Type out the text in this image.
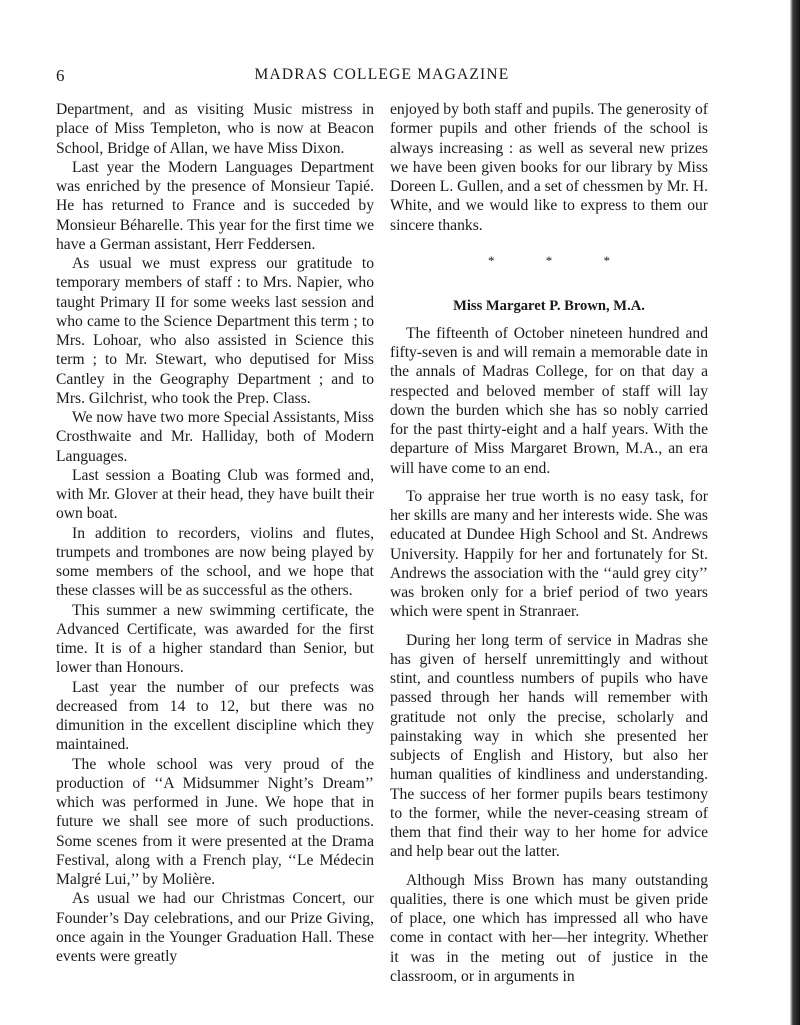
6	MADRAS COLLEGE MAGAZINE

Department, and as visiting Music mistress in place of Miss Templeton, who is now at Beacon School, Bridge of Allan, we have Miss Dixon.

Last year the Modern Languages Department was enriched by the presence of Monsieur Tapié. He has returned to France and is succeded by Monsieur Béharelle. This year for the first time we have a German assistant, Herr Feddersen.

As usual we must express our gratitude to temporary members of staff : to Mrs. Napier, who taught Primary II for some weeks last session and who came to the Science Department this term ; to Mrs. Lohoar, who also assisted in Science this term ; to Mr. Stewart, who deputised for Miss Cantley in the Geography Department ; and to Mrs. Gilchrist, who took the Prep. Class.

We now have two more Special Assistants, Miss Crosthwaite and Mr. Halliday, both of Modern Languages.

Last session a Boating Club was formed and, with Mr. Glover at their head, they have built their own boat.

In addition to recorders, violins and flutes, trumpets and trombones are now being played by some members of the school, and we hope that these classes will be as successful as the others.

This summer a new swimming certificate, the Advanced Certificate, was awarded for the first time. It is of a higher standard than Senior, but lower than Honours.

Last year the number of our prefects was decreased from 14 to 12, but there was no dimunition in the excellent discipline which they maintained.

The whole school was very proud of the production of ‘‘A Midsummer Night’s Dream’’ which was performed in June. We hope that in future we shall see more of such productions. Some scenes from it were presented at the Drama Festival, along with a French play, ‘‘Le Médecin Malgré Lui,’’ by Molière.

As usual we had our Christmas Concert, our Founder’s Day celebrations, and our Prize Giving, once again in the Younger Graduation Hall. These events were greatly

enjoyed by both staff and pupils. The generosity of former pupils and other friends of the school is always increasing : as well as several new prizes we have been given books for our library by Miss Doreen L. Gullen, and a set of chessmen by Mr. H. White, and we would like to express to them our sincere thanks.

* * *
Miss Margaret P. Brown, M.A.

The fifteenth of October nineteen hundred and fifty-seven is and will remain a memorable date in the annals of Madras College, for on that day a respected and beloved member of staff will lay down the burden which she has so nobly carried for the past thirty-eight and a half years. With the departure of Miss Margaret Brown, M.A., an era will have come to an end.

To appraise her true worth is no easy task, for her skills are many and her interests wide. She was educated at Dundee High School and St. Andrews University. Happily for her and fortunately for St. Andrews the association with the ‘‘auld grey city’’ was broken only for a brief period of two years which were spent in Stranraer.

During her long term of service in Madras she has given of herself unremittingly and without stint, and countless numbers of pupils who have passed through her hands will remember with gratitude not only the precise, scholarly and painstaking way in which she presented her subjects of English and History, but also her human qualities of kindliness and understanding. The success of her former pupils bears testimony to the former, while the never-ceasing stream of them that find their way to her home for advice and help bear out the latter.

Although Miss Brown has many outstanding qualities, there is one which must be given pride of place, one which has impressed all who have come in contact with her—her integrity. Whether it was in the meting out of justice in the classroom, or in arguments in
